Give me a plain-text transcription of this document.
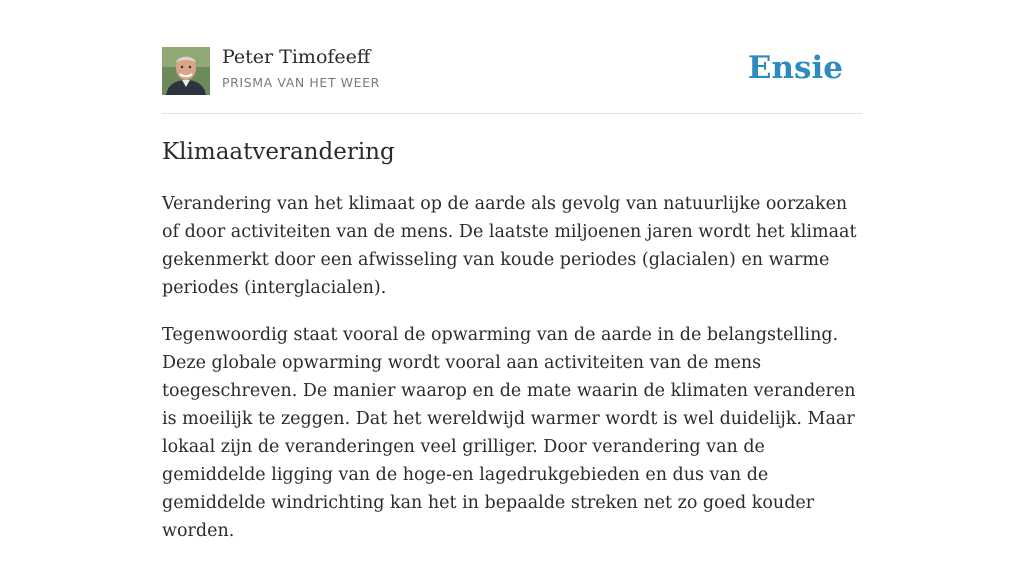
Peter Timofeeff
PRISMA VAN HET WEER	Ensie
Klimaatverandering

Verandering van het klimaat op de aarde als gevolg van natuurlijke oorzaken of door activiteiten van de mens. De laatste miljoenen jaren wordt het klimaat gekenmerkt door een afwisseling van koude periodes (glacialen) en warme periodes (interglacialen).

Tegenwoordig staat vooral de opwarming van de aarde in de belangstelling. Deze globale opwarming wordt vooral aan activiteiten van de mens toegeschreven. De manier waarop en de mate waarin de klimaten veranderen is moeilijk te zeggen. Dat het wereldwijd warmer wordt is wel duidelijk. Maar lokaal zijn de veranderingen veel grilliger. Door verandering van de gemiddelde ligging van de hoge-en lagedrukgebieden en dus van de gemiddelde windrichting kan het in bepaalde streken net zo goed kouder worden.
